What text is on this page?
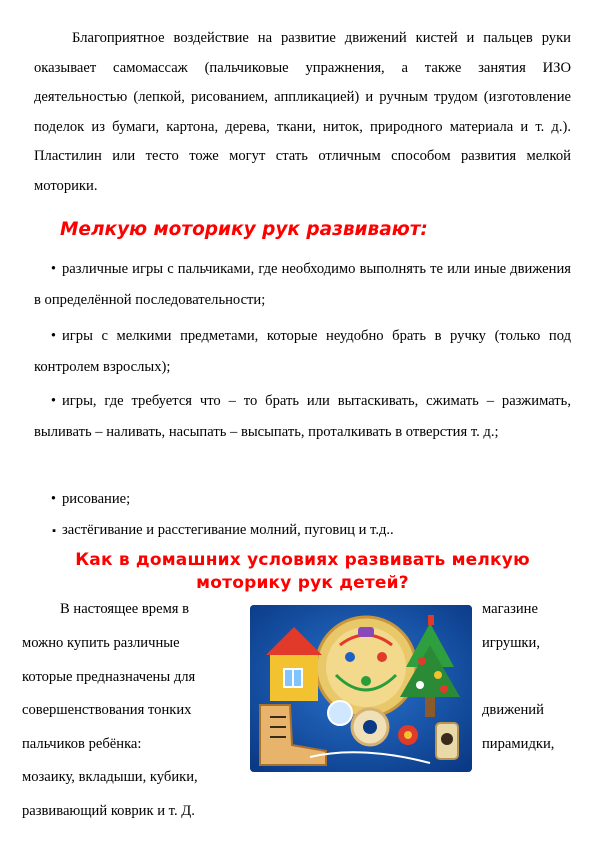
Благоприятное воздействие на развитие движений кистей и пальцев руки оказывает самомассаж (пальчиковые упражнения, а также занятия ИЗО деятельностью (лепкой, рисованием, аппликацией) и ручным трудом (изготовление поделок из бумаги, картона, дерева, ткани, ниток, природного материала и т. д.). Пластилин или тесто тоже могут стать отличным способом развития мелкой моторики.

Мелкую моторику рук развивают:

• различные игры с пальчиками, где необходимо выполнять те или иные движения в определённой последовательности;

• игры с мелкими предметами, которые неудобно брать в ручку (только под контролем взрослых);

• игры, где требуется что – то брать или вытаскивать, сжимать – разжимать, выливать – наливать, насыпать – высыпать, проталкивать в отверстия т. д.;

• рисование;

▪ застёгивание и расстегивание молний, пуговиц и т.д..

Как в домашних условиях развивать мелкую моторику рук детей?

В настоящее время в

можно купить различные

которые предназначены для

совершенствования тонких

пальчиков ребёнка:

мозаику, вкладыши, кубики,

развивающий коврик и т. Д.

магазине

игрушки,

движений

пирамидки,
